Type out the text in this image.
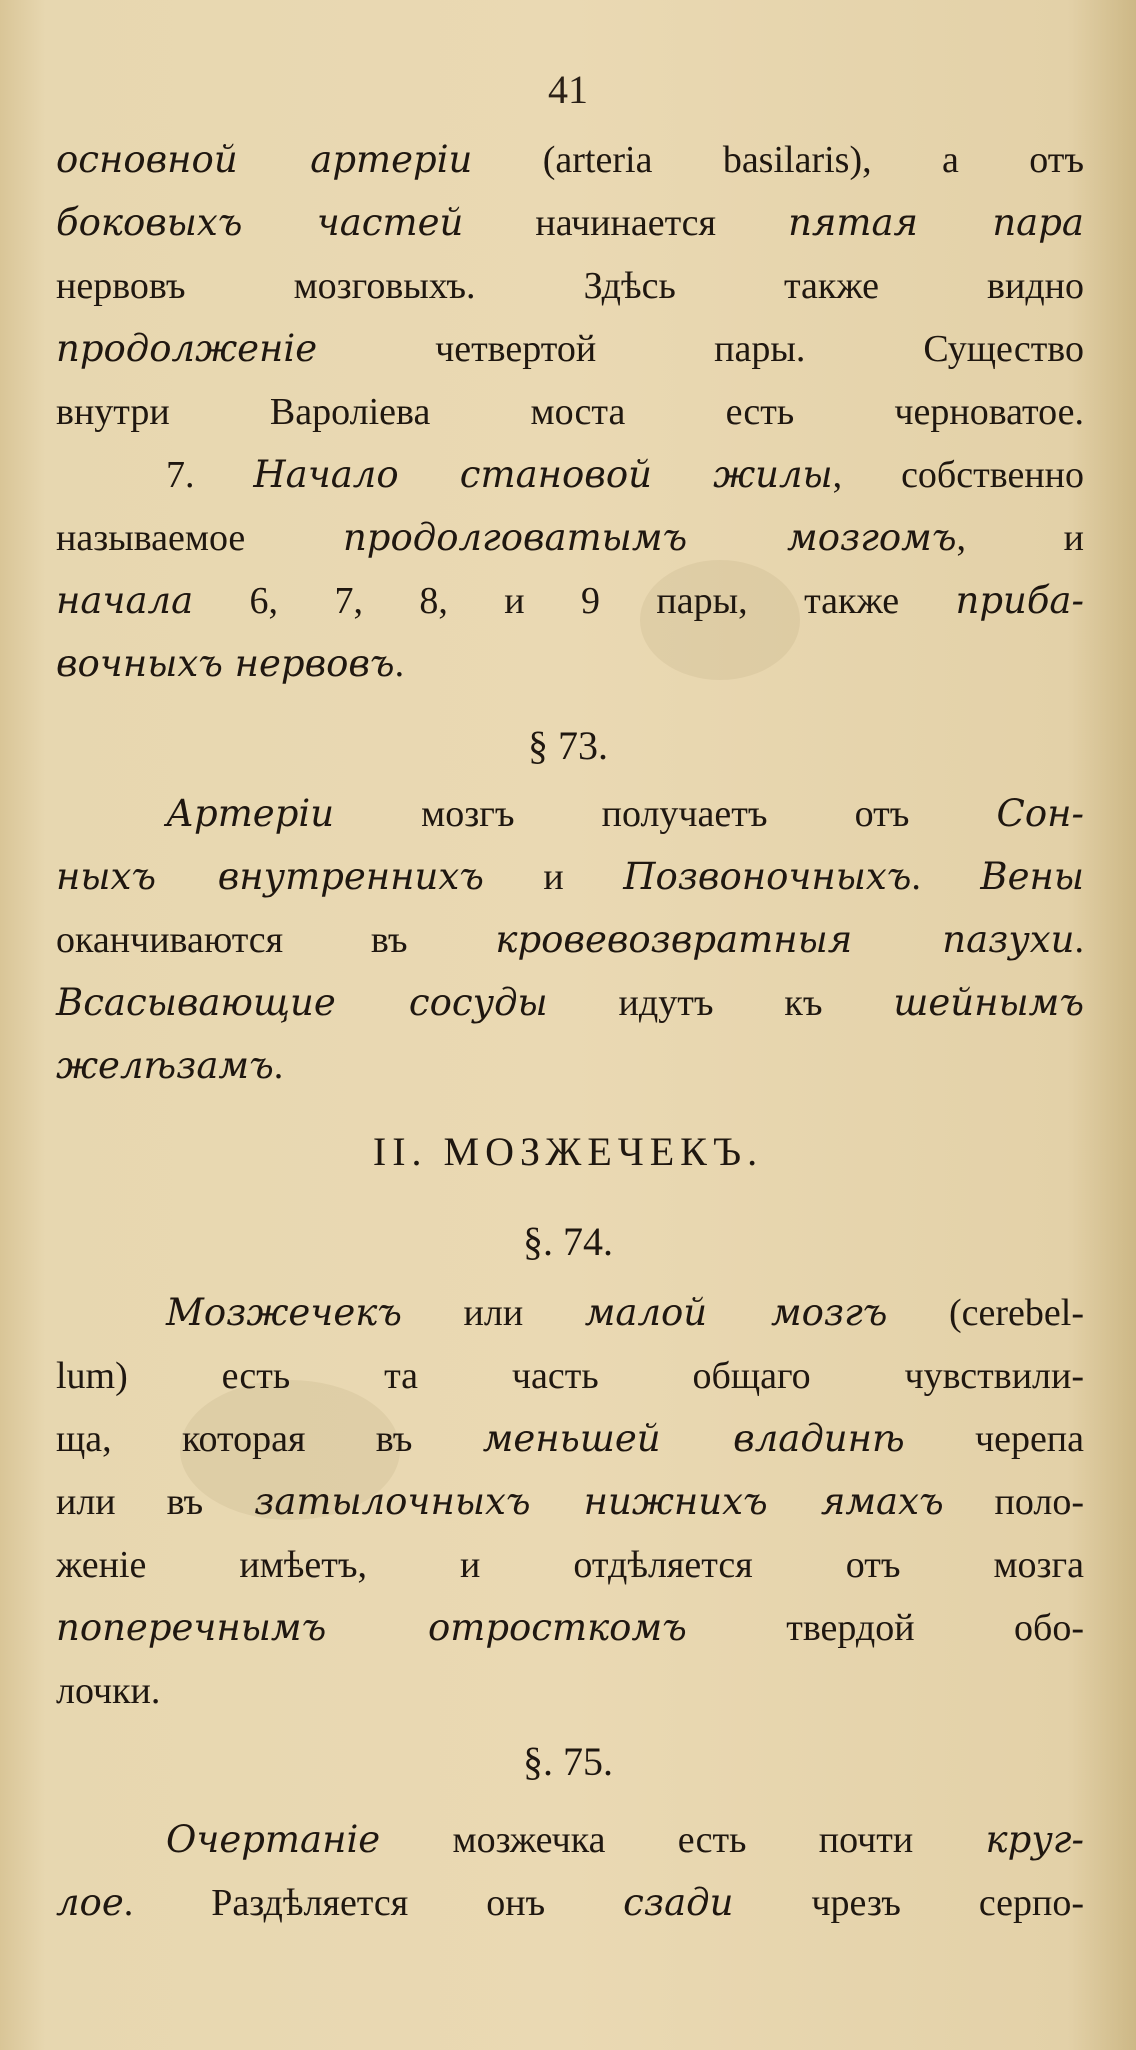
41
основной артерiи (arteria basilaris), а отъ
боковыхъ частей начинается пятая пара
нервовъ мозговыхъ. Здѣсь также видно
продолженiе четвертой пары. Существо
внутри Вароліева моста есть черноватое.
7. Начало становой жилы, собственно
называемое продолговатымъ мозгомъ, и
начала 6, 7, 8, и 9 пары, также приба-
вочныхъ нервовъ.
§ 73.
Артерiи мозгъ получаетъ отъ Сон-
ныхъ внутреннихъ и Позвоночныхъ. Вены
оканчиваются въ кровевозвратныя пазухи.
Всасывающие сосуды идутъ къ шейнымъ
желѣзамъ.
II. МОЗЖЕЧЕКЪ.
§. 74.
Мозжечекъ или малой мозгъ (cerebel-
lum) есть та часть общаго чувствили-
ща, которая въ меньшей владинѣ черепа
или въ затылочныхъ нижнихъ ямахъ поло-
женiе имѣетъ, и отдѣляется отъ мозга
поперечнымъ отросткомъ твердой обо-
лочки.
§. 75.
Очертанiе мозжечка есть почти круг-
лое. Раздѣляется онъ сзади чрезъ серпо-
